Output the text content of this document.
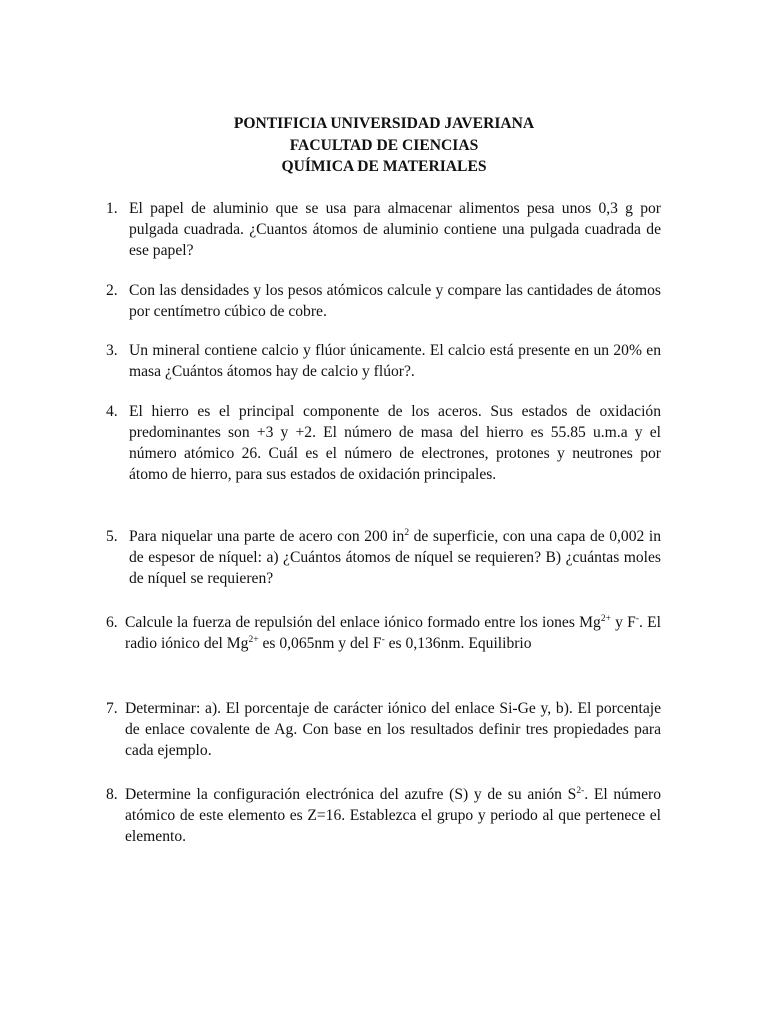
PONTIFICIA UNIVERSIDAD JAVERIANA
FACULTAD DE CIENCIAS
QUÍMICA DE MATERIALES
1. El papel de aluminio que se usa para almacenar alimentos pesa unos 0,3 g por pulgada cuadrada. ¿Cuantos átomos de aluminio contiene una pulgada cuadrada de ese papel?

2. Con las densidades y los pesos atómicos calcule y compare las cantidades de átomos por centímetro cúbico de cobre.

3. Un mineral contiene calcio y flúor únicamente. El calcio está presente en un 20% en masa ¿Cuántos átomos hay de calcio y flúor?.

4. El hierro es el principal componente de los aceros. Sus estados de oxidación predominantes son +3 y +2. El número de masa del hierro es 55.85 u.m.a y el número atómico 26. Cuál es el número de electrones, protones y neutrones por átomo de hierro, para sus estados de oxidación principales.

5. Para niquelar una parte de acero con 200 $in^2$ de superficie, con una capa de 0,002 in de espesor de níquel: a) ¿Cuántos átomos de níquel se requieren? B) ¿cuántas moles de níquel se requieren?

6. Calcule la fuerza de repulsión del enlace iónico formado entre los iones $Mg^{2+}$ y F-. El radio iónico del $Mg^{2+}$ es 0,065nm y del F- es 0,136nm. Equilibrio

7. Determinar: a). El porcentaje de carácter iónico del enlace Si-Ge y, b). El porcentaje de enlace covalente de Ag. Con base en los resultados definir tres propiedades para cada ejemplo.

8. Determine la configuración electrónica del azufre (S) y de su anión $S^{2-}$. El número atómico de este elemento es Z=16. Establezca el grupo y periodo al que pertenece el elemento.
